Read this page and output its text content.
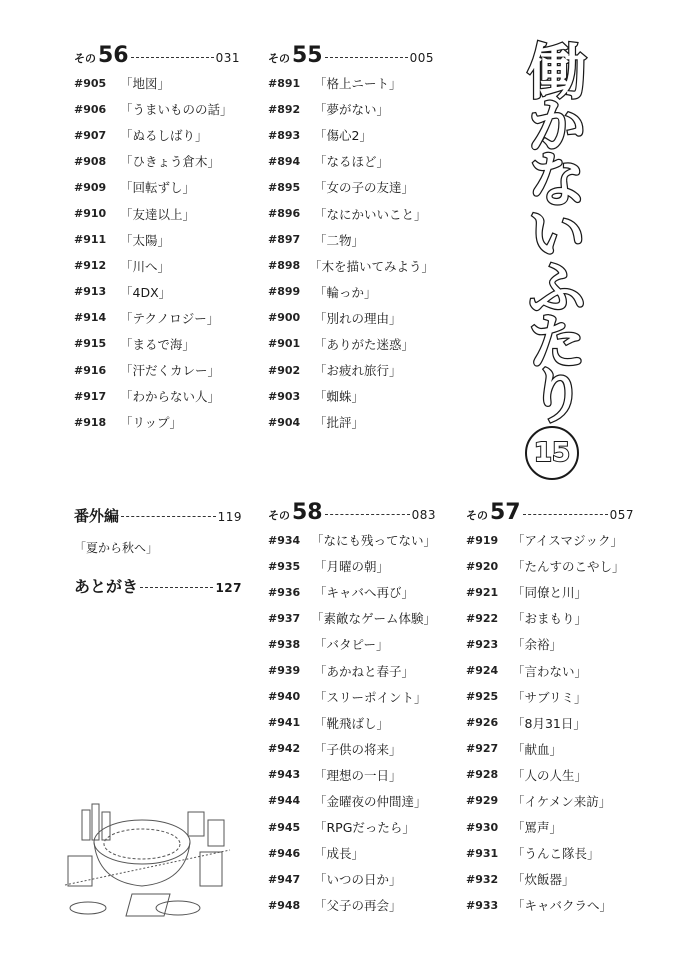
その 56	031
#905	「地図」
#906	「うまいものの話」
#907	「ぬるしばり」
#908	「ひきょう倉木」
#909	「回転ずし」
#910	「友達以上」
#911	「太陽」
#912	「川へ」
#913	「4DX」
#914	「テクノロジー」
#915	「まるで海」
#916	「汗だくカレー」
#917	「わからない人」
#918	「リップ」
その 55	005
#891	「格上ニート」
#892	「夢がない」
#893	「傷心2」
#894	「なるほど」
#895	「女の子の友達」
#896	「なにかいいこと」
#897	「二物」
#898 「木を描いてみよう」
#899	「輪っか」
#900	「別れの理由」
#901	「ありがた迷惑」
#902	「お疲れ旅行」
#903	「蜘蛛」
#904	「批評」
働かないふたり
15
番外編	119
「夏から秋へ」
あとがき	127
その 58	083
#934 「なにも残ってない」
#935	「月曜の朝」
#936	「キャバへ再び」
#937 「素敵なゲーム体験」
#938	「バタピー」
#939	「あかねと春子」
#940	「スリーポイント」
#941	「靴飛ばし」
#942	「子供の将来」
#943	「理想の一日」
#944	「金曜夜の仲間達」
#945	「RPGだったら」
#946	「成長」
#947	「いつの日か」
#948	「父子の再会」
その 57	057
#919	「アイスマジック」
#920	「たんすのこやし」
#921	「同僚と川」
#922	「おまもり」
#923	「余裕」
#924	「言わない」
#925	「サブリミ」
#926	「8月31日」
#927	「献血」
#928	「人の人生」
#929	「イケメン来訪」
#930	「罵声」
#931	「うんこ隊長」
#932	「炊飯器」
#933	「キャバクラへ」
